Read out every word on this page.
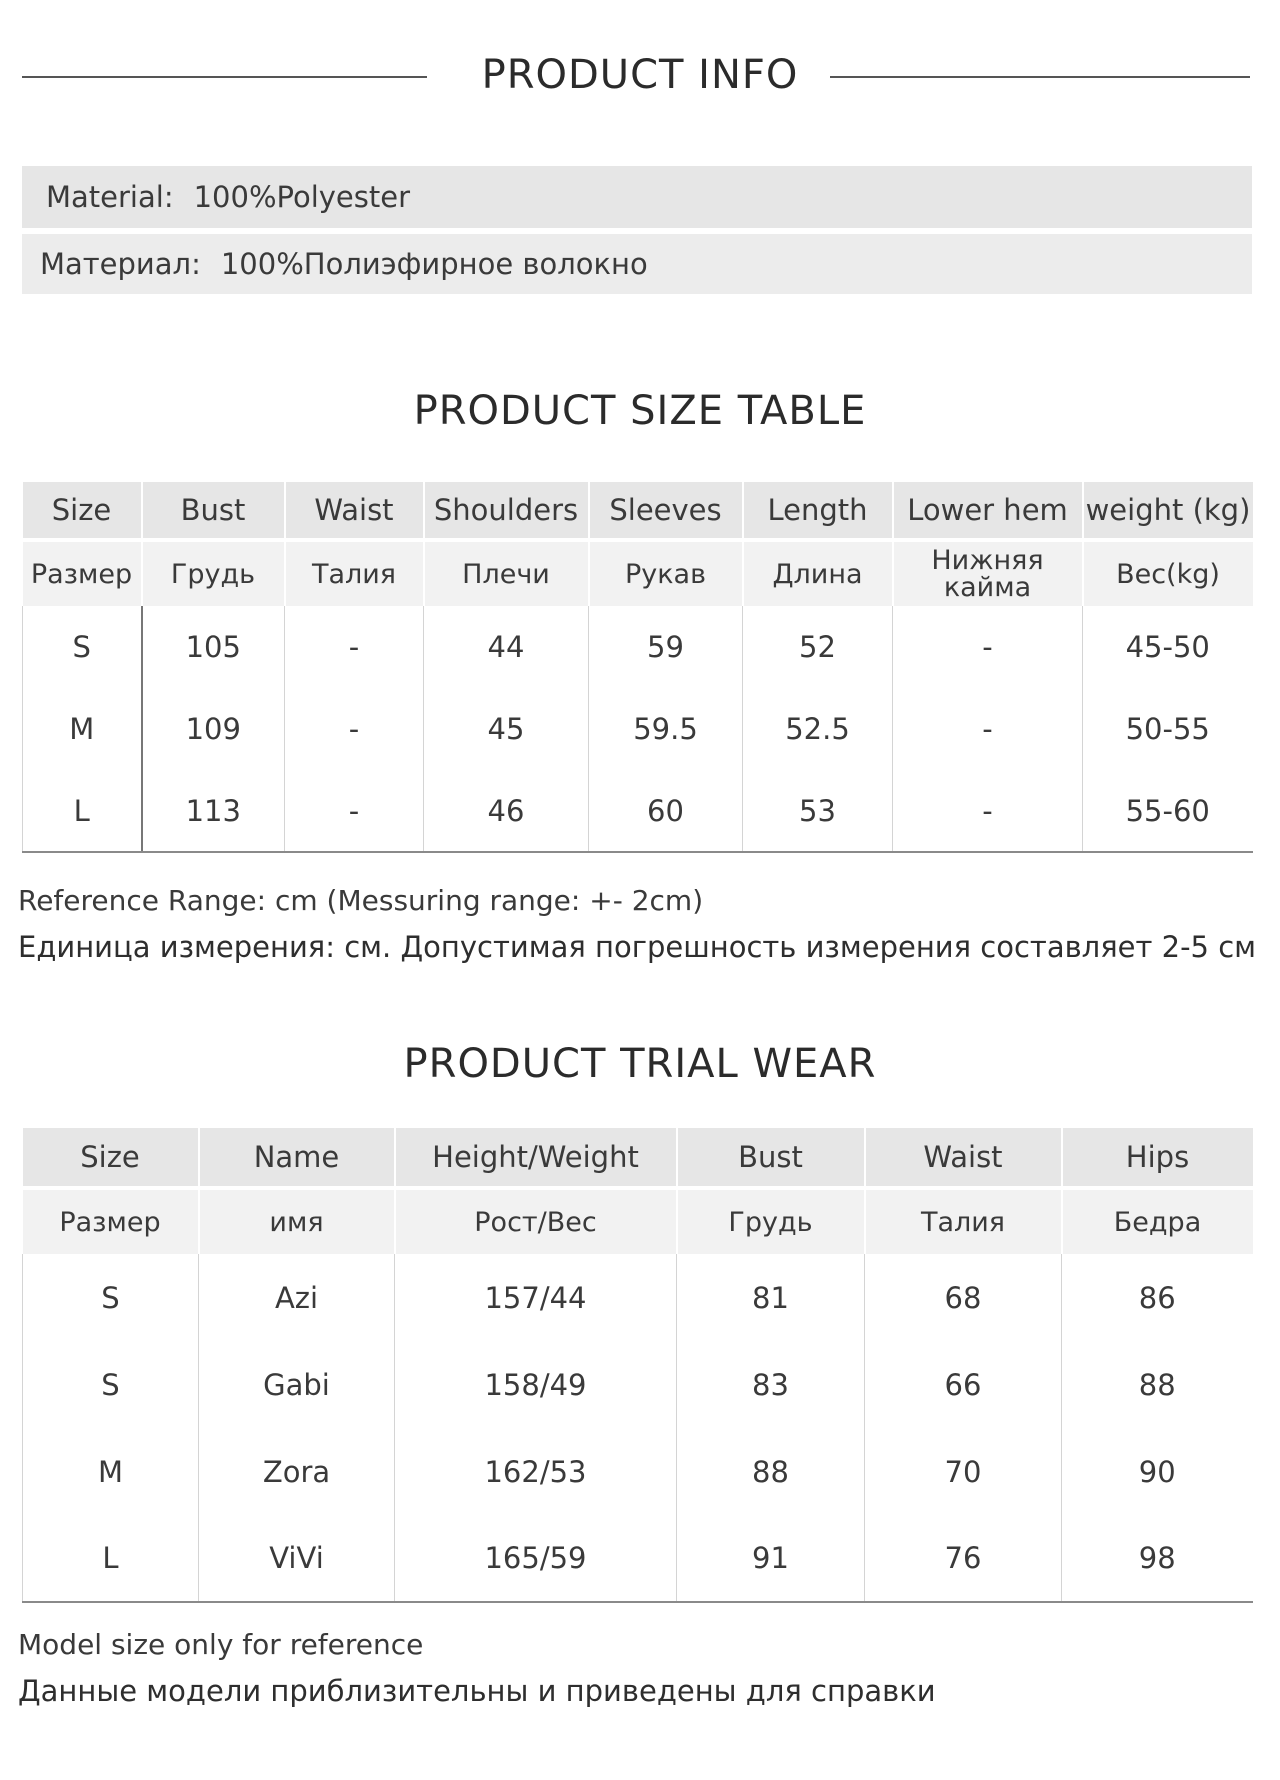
PRODUCT INFO
Material: 100%Polyester
Материал: 100%Полиэфирное волокно
PRODUCT SIZE TABLE
Size	Bust	Waist	Shoulders	Sleeves	Length	Lower hem	weight (kg)
Размер	Грудь	Талия	Плечи	Рукав	Длина	Нижняя кайма	Вес(kg)
S	105	-	44	59	52	-	45-50
M	109	-	45	59.5	52.5	-	50-55
L	113	-	46	60	53	-	55-60
Reference Range: cm (Messuring range: +- 2cm)
Единица измерения: см. Допустимая погрешность измерения составляет 2-5 см
PRODUCT TRIAL WEAR
Size	Name	Height/Weight	Bust	Waist	Hips
Размер	имя	Рост/Вес	Грудь	Талия	Бедра
S	Azi	157/44	81	68	86
S	Gabi	158/49	83	66	88
M	Zora	162/53	88	70	90
L	ViVi	165/59	91	76	98
Model size only for reference
Данные модели приблизительны и приведены для справки
